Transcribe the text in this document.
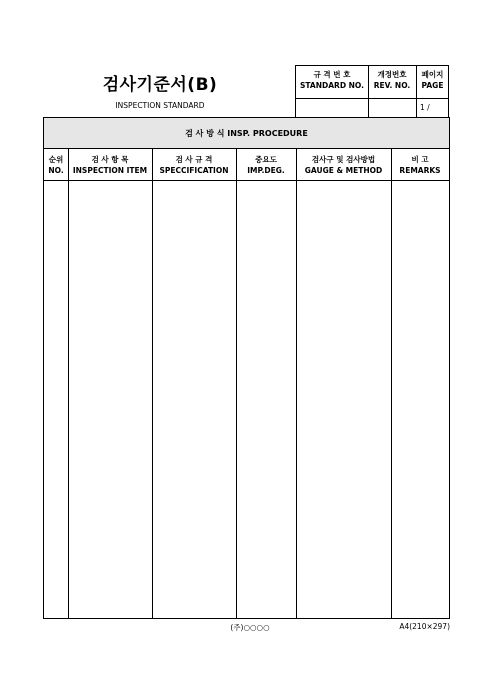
검사기준서(B)
INSPECTION STANDARD
규 격 번 호
STANDARD NO.
개정번호
REV. NO.
페이지
PAGE
1 /
검 사 방 식 INSP. PROCEDURE
순위
NO.
검 사 항 목
INSPECTION ITEM
검 사 규 격
SPECCIFICATION
중요도
IMP.DEG.
검사구 및 검사방법
GAUGE & METHOD
비 고
REMARKS
(주)○○○○	A4(210×297)
